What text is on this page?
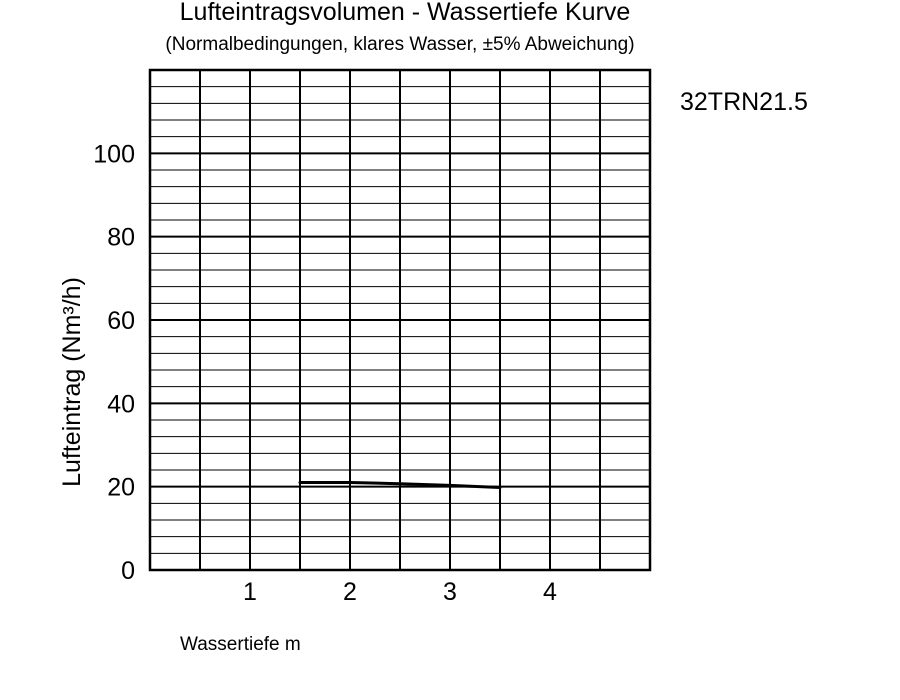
Lufteintragsvolumen - Wassertiefe Kurve
(Normalbedingungen, klares Wasser, ±5% Abweichung)
32TRN21.5
Lufteintrag (Nm³/h)
Wassertiefe m
1	2	3	4
0
20
40
60
80
100
